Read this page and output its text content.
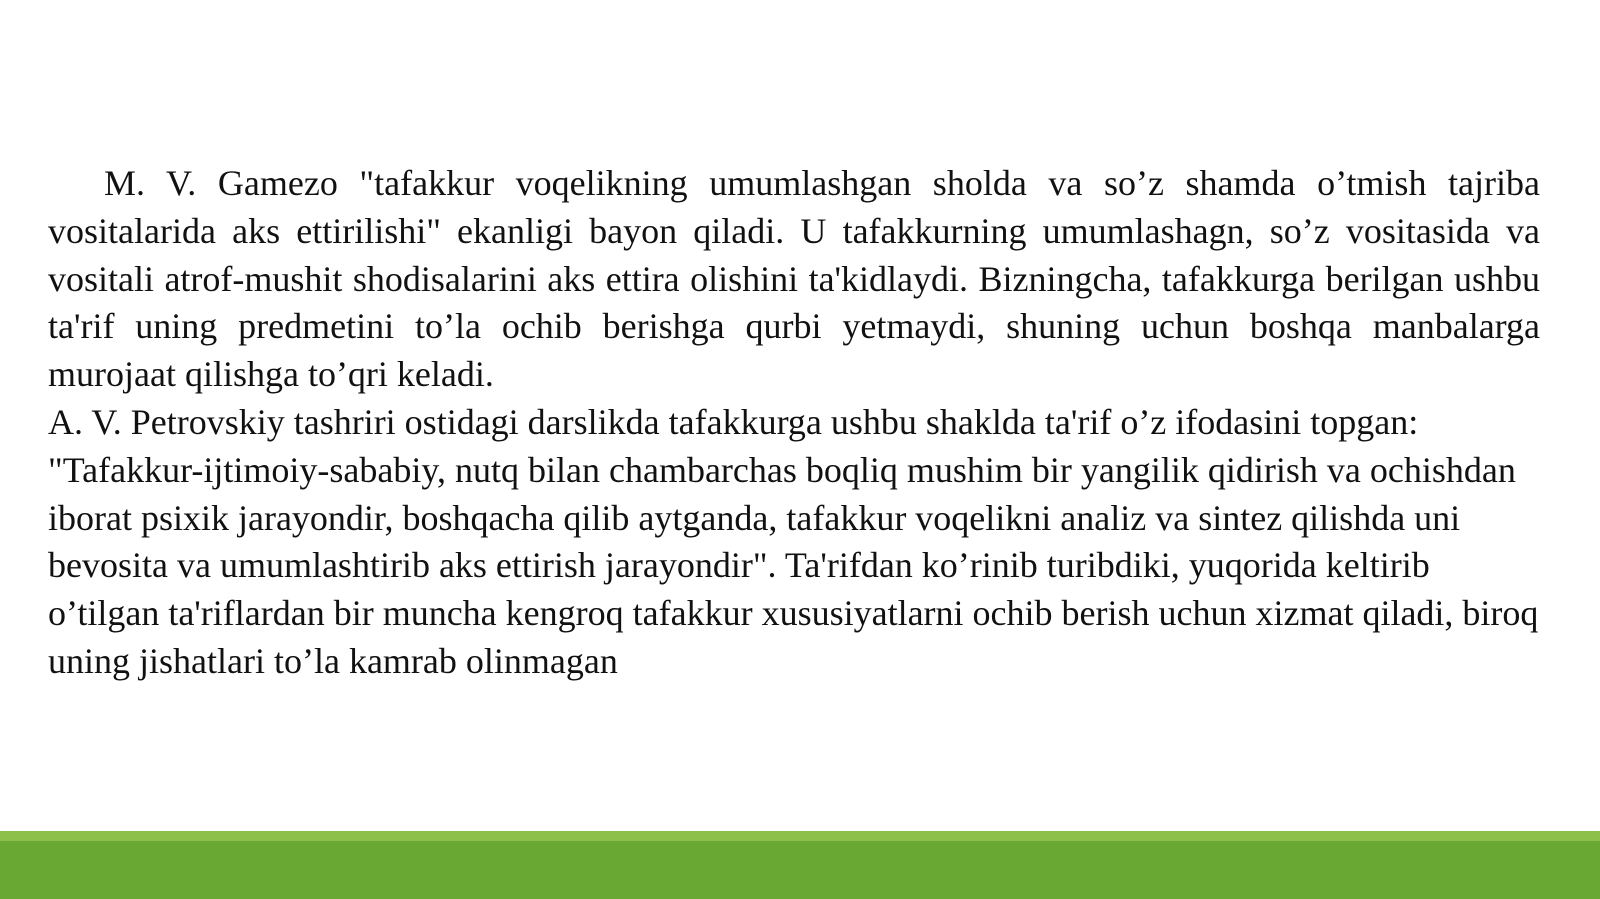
M. V. Gamezo "tafakkur voqelikning umumlashgan sholda va so’z shamda o’tmish tajriba vositalarida aks ettirilishi" ekanligi bayon qiladi. U tafakkurning umumlashagn, so’z vositasida va vositali atrof-mushit shodisalarini aks ettira olishini ta'kidlaydi. Bizningcha, tafakkurga berilgan ushbu ta'rif uning predmetini to’la ochib berishga qurbi yetmaydi, shuning uchun boshqa manbalarga murojaat qilishga to’qri keladi.

A. V. Petrovskiy tashriri ostidagi darslikda tafakkurga ushbu shaklda ta'rif o’z ifodasini topgan: "Tafakkur-ijtimoiy-sababiy, nutq bilan chambarchas boqliq mushim bir yangilik qidirish va ochishdan iborat psixik jarayondir, boshqacha qilib aytganda, tafakkur voqelikni analiz va sintez qilishda uni bevosita va umumlashtirib aks ettirish jarayondir". Ta'rifdan ko’rinib turibdiki, yuqorida keltirib o’tilgan ta'riflardan bir muncha kengroq tafakkur xususiyatlarni ochib berish uchun xizmat qiladi, biroq uning jishatlari to’la kamrab olinmagan
